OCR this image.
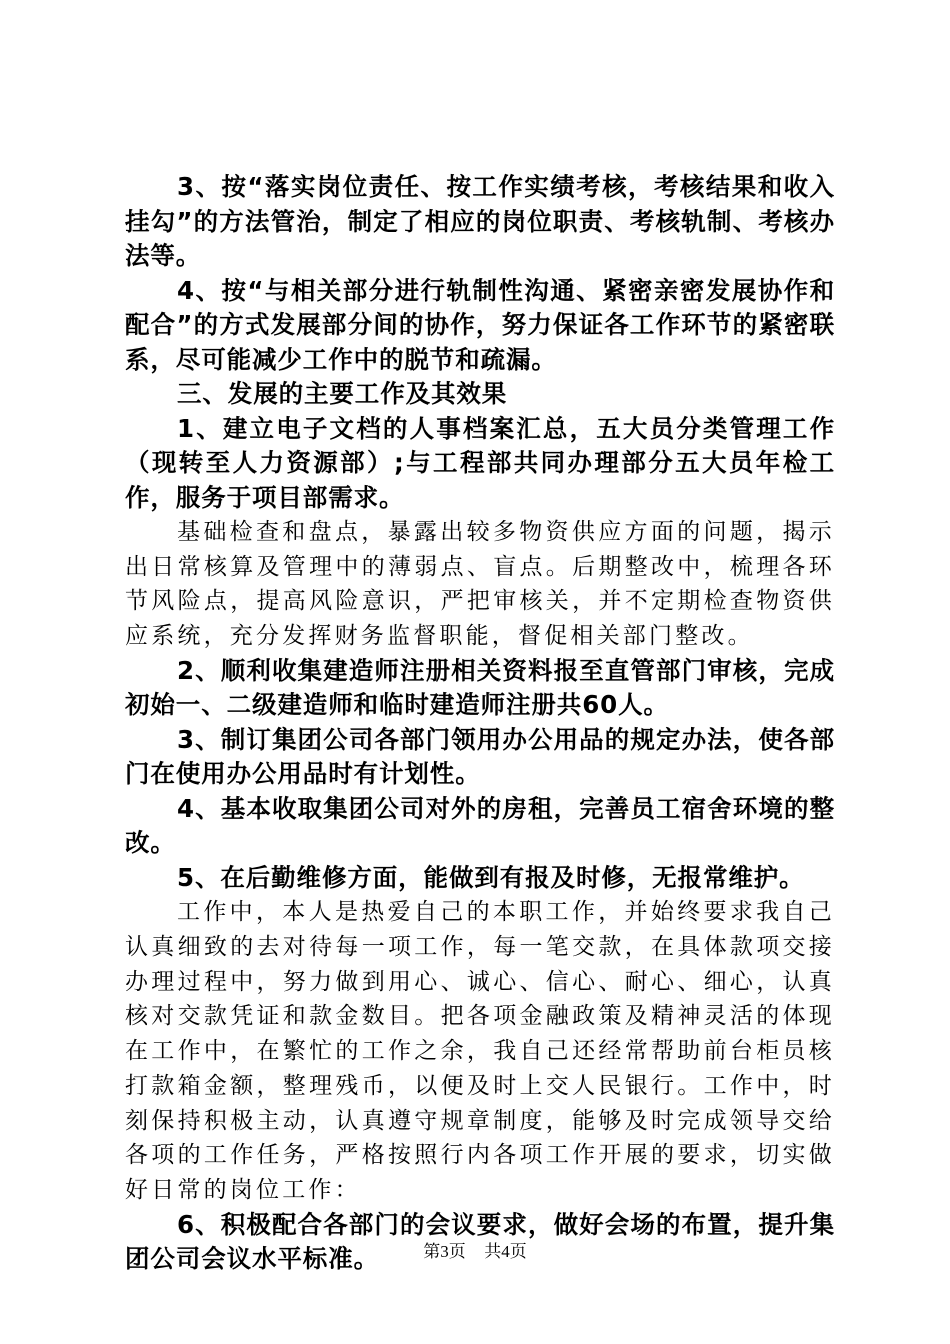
3、按“落实岗位责任、按工作实绩考核，考核结果和收入挂勾”的方法管治，制定了相应的岗位职责、考核轨制、考核办法等。

4、按“与相关部分进行轨制性沟通、紧密亲密发展协作和配合”的方式发展部分间的协作，努力保证各工作环节的紧密联系，尽可能减少工作中的脱节和疏漏。

三、发展的主要工作及其效果

1、建立电子文档的人事档案汇总，五大员分类管理工作（现转至人力资源部）;与工程部共同办理部分五大员年检工作，服务于项目部需求。

基础检查和盘点，暴露出较多物资供应方面的问题，揭示出日常核算及管理中的薄弱点、盲点。后期整改中，梳理各环节风险点，提高风险意识，严把审核关，并不定期检查物资供应系统，充分发挥财务监督职能，督促相关部门整改。

2、顺利收集建造师注册相关资料报至直管部门审核，完成初始一、二级建造师和临时建造师注册共60人。

3、制订集团公司各部门领用办公用品的规定办法，使各部门在使用办公用品时有计划性。

4、基本收取集团公司对外的房租，完善员工宿舍环境的整改。

5、在后勤维修方面，能做到有报及时修，无报常维护。

工作中，本人是热爱自己的本职工作，并始终要求我自己认真细致的去对待每一项工作，每一笔交款，在具体款项交接办理过程中，努力做到用心、诚心、信心、耐心、细心，认真核对交款凭证和款金数目。把各项金融政策及精神灵活的体现在工作中，在繁忙的工作之余，我自己还经常帮助前台柜员核打款箱金额，整理残币，以便及时上交人民银行。工作中，时刻保持积极主动，认真遵守规章制度，能够及时完成领导交给各项的工作任务，严格按照行内各项工作开展的要求，切实做好日常的岗位工作：

6、积极配合各部门的会议要求，做好会场的布置，提升集团公司会议水平标准。	第3页 共4页
